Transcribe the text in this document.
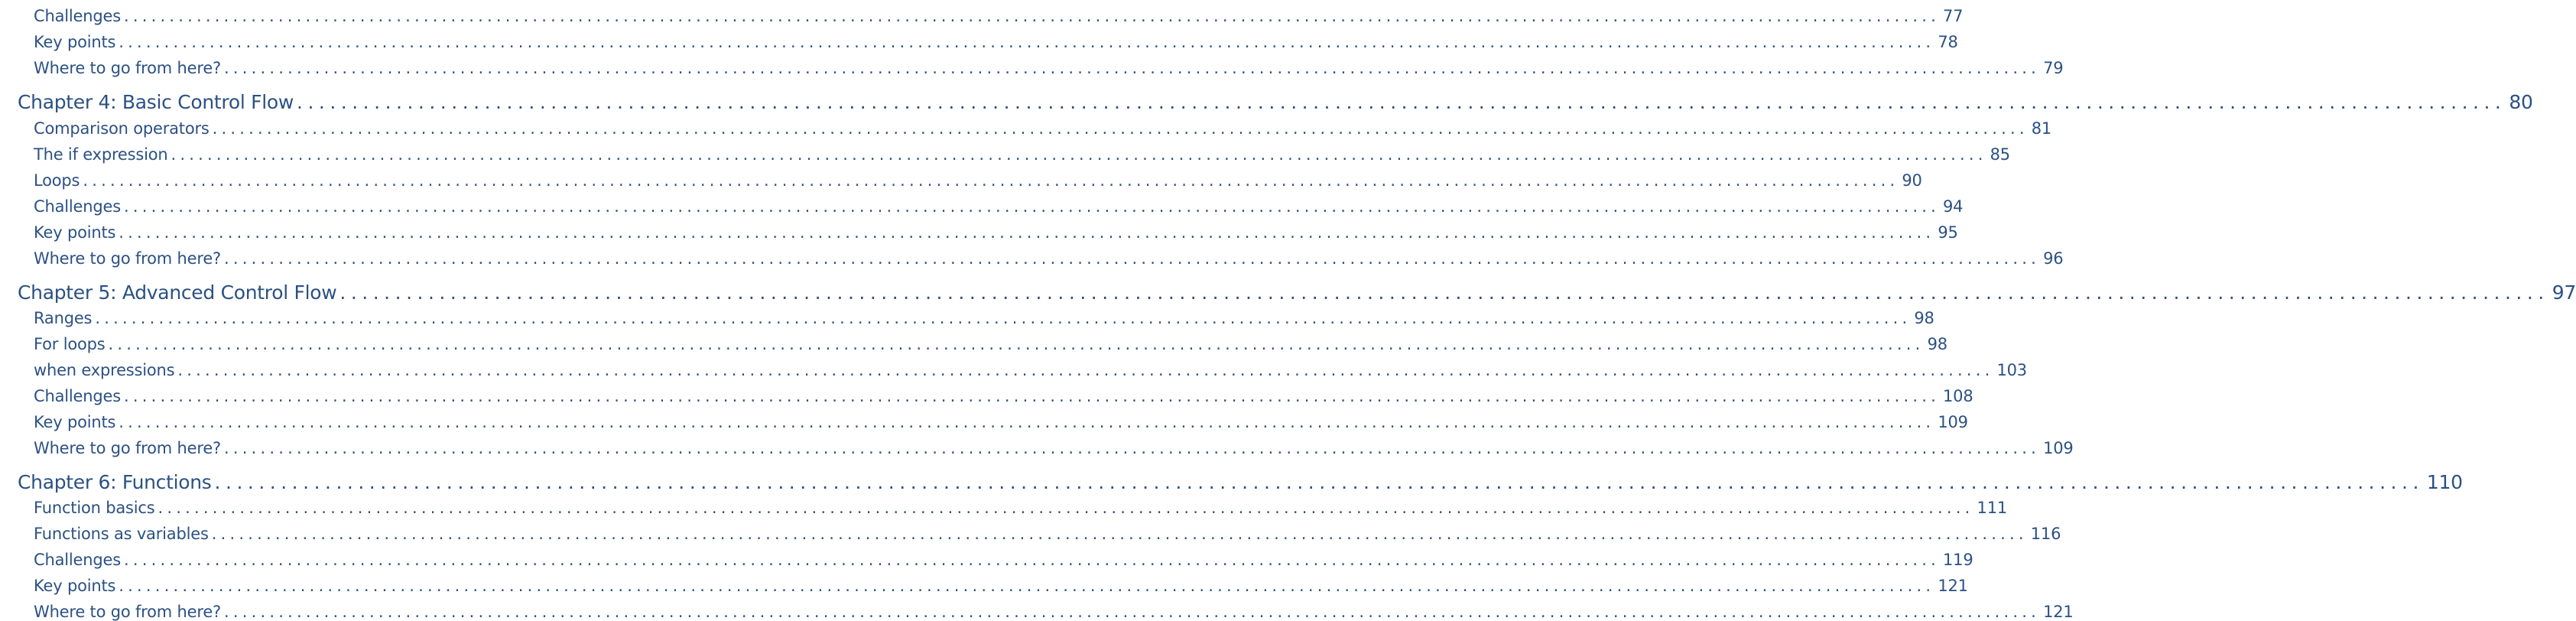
Challenges ........................................................................................................................................................................................................ 77
Key points ........................................................................................................................................................................................................ 78
Where to go from here? ........................................................................................................................................................................................................ 79
Chapter 4: Basic Control Flow ........................................................................................................................................................................................................ 80
Comparison operators ........................................................................................................................................................................................................ 81
The if expression ........................................................................................................................................................................................................ 85
Loops ........................................................................................................................................................................................................ 90
Challenges ........................................................................................................................................................................................................ 94
Key points ........................................................................................................................................................................................................ 95
Where to go from here? ........................................................................................................................................................................................................ 96
Chapter 5: Advanced Control Flow ........................................................................................................................................................................................................ 97
Ranges ........................................................................................................................................................................................................ 98
For loops ........................................................................................................................................................................................................ 98
when expressions ........................................................................................................................................................................................................ 103
Challenges ........................................................................................................................................................................................................ 108
Key points ........................................................................................................................................................................................................ 109
Where to go from here? ........................................................................................................................................................................................................ 109
Chapter 6: Functions ........................................................................................................................................................................................................ 110
Function basics ........................................................................................................................................................................................................ 111
Functions as variables ........................................................................................................................................................................................................ 116
Challenges ........................................................................................................................................................................................................ 119
Key points ........................................................................................................................................................................................................ 121
Where to go from here? ........................................................................................................................................................................................................ 121
